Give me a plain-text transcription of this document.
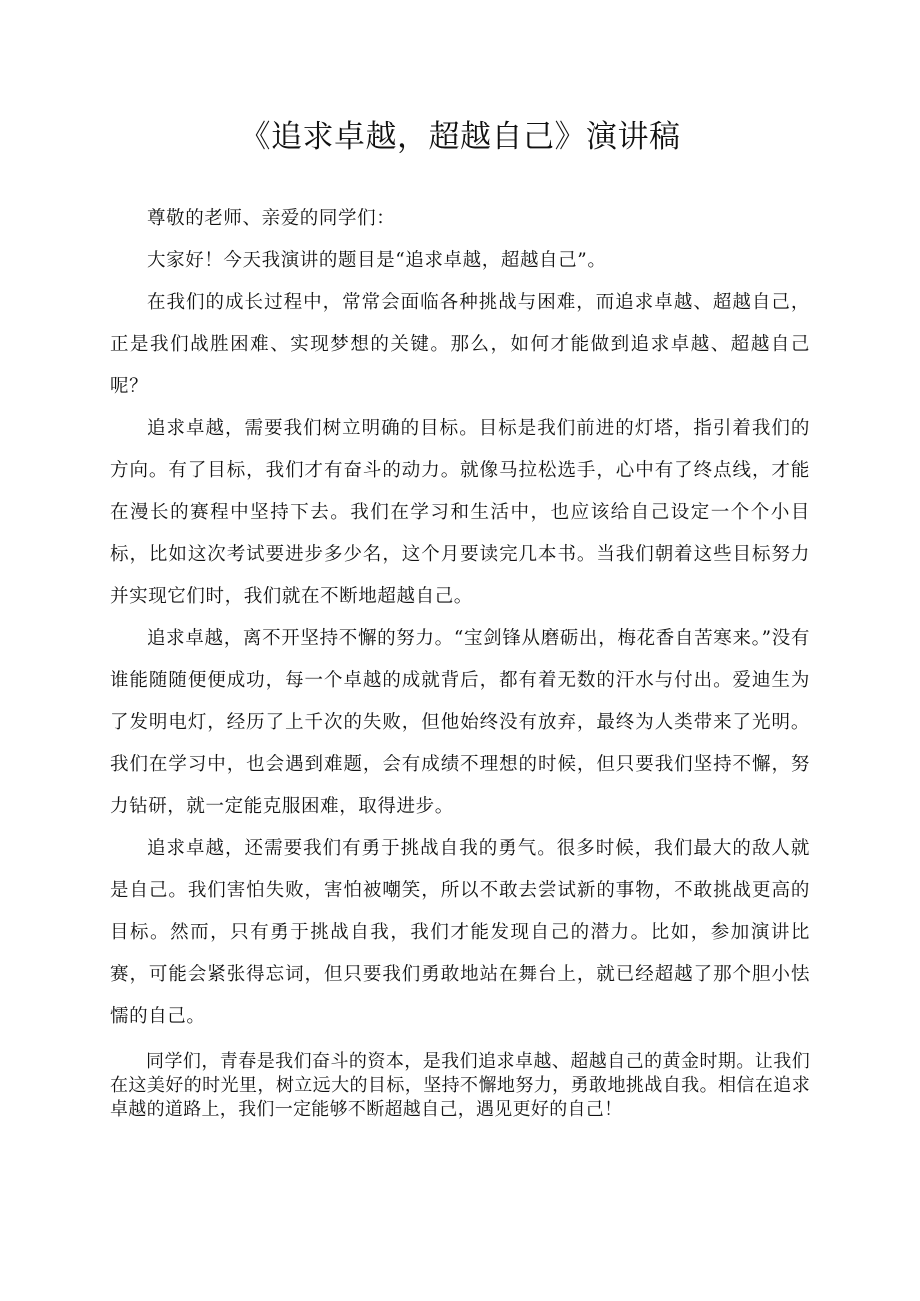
《追求卓越，超越自己》演讲稿

尊敬的老师、亲爱的同学们：

大家好！今天我演讲的题目是“追求卓越，超越自己”。

在我们的成长过程中，常常会面临各种挑战与困难，而追求卓越、超越自己，正是我们战胜困难、实现梦想的关键。那么，如何才能做到追求卓越、超越自己呢？

追求卓越，需要我们树立明确的目标。目标是我们前进的灯塔，指引着我们的方向。有了目标，我们才有奋斗的动力。就像马拉松选手，心中有了终点线，才能在漫长的赛程中坚持下去。我们在学习和生活中，也应该给自己设定一个个小目标，比如这次考试要进步多少名，这个月要读完几本书。当我们朝着这些目标努力并实现它们时，我们就在不断地超越自己。

追求卓越，离不开坚持不懈的努力。“宝剑锋从磨砺出，梅花香自苦寒来。”没有谁能随随便便成功，每一个卓越的成就背后，都有着无数的汗水与付出。爱迪生为了发明电灯，经历了上千次的失败，但他始终没有放弃，最终为人类带来了光明。我们在学习中，也会遇到难题，会有成绩不理想的时候，但只要我们坚持不懈，努力钻研，就一定能克服困难，取得进步。

追求卓越，还需要我们有勇于挑战自我的勇气。很多时候，我们最大的敌人就是自己。我们害怕失败，害怕被嘲笑，所以不敢去尝试新的事物，不敢挑战更高的目标。然而，只有勇于挑战自我，我们才能发现自己的潜力。比如，参加演讲比赛，可能会紧张得忘词，但只要我们勇敢地站在舞台上，就已经超越了那个胆小怯懦的自己。

同学们，青春是我们奋斗的资本，是我们追求卓越、超越自己的黄金时期。让我们在这美好的时光里，树立远大的目标，坚持不懈地努力，勇敢地挑战自我。相信在追求卓越的道路上，我们一定能够不断超越自己，遇见更好的自己！
